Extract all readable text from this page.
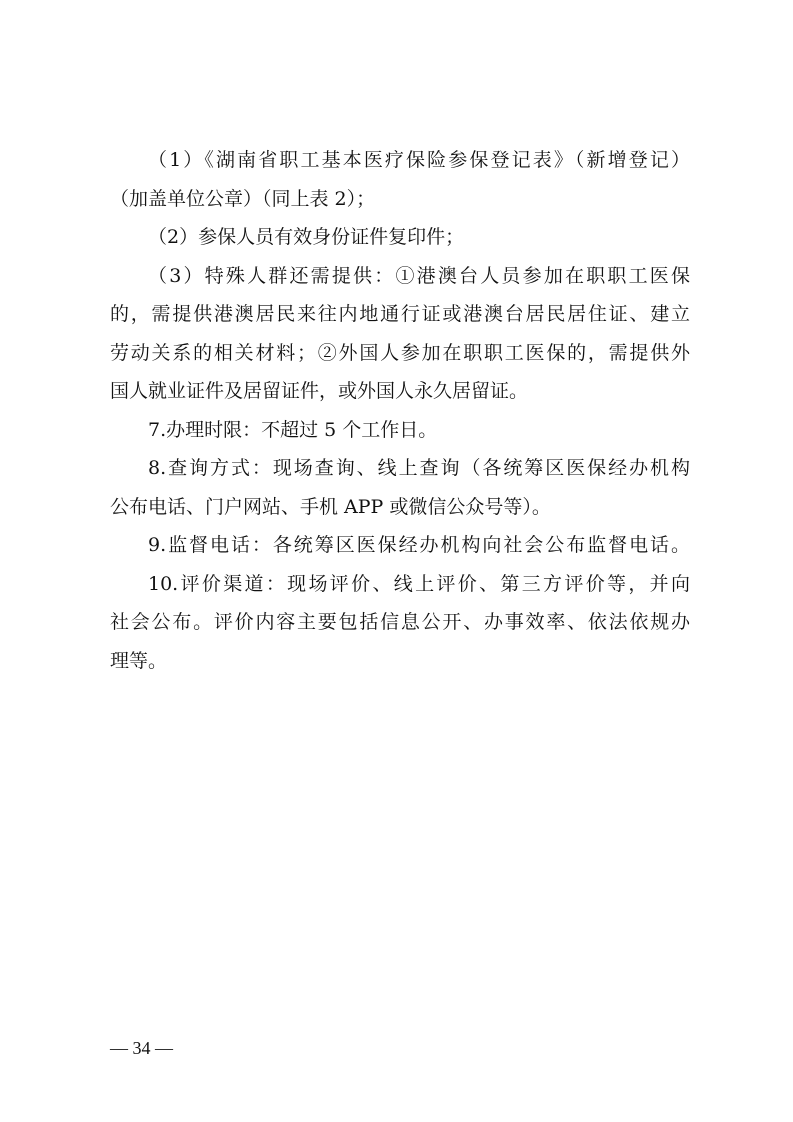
（1）《湖南省职工基本医疗保险参保登记表》（新增登记）
（加盖单位公章）（同上表 2）；
（2）参保人员有效身份证件复印件；
（3）特殊人群还需提供：①港澳台人员参加在职职工医保
的，需提供港澳居民来往内地通行证或港澳台居民居住证、建立
劳动关系的相关材料；②外国人参加在职职工医保的，需提供外
国人就业证件及居留证件，或外国人永久居留证。
7.办理时限：不超过 5 个工作日。
8.查询方式：现场查询、线上查询（各统筹区医保经办机构
公布电话、门户网站、手机 APP 或微信公众号等）。
9.监督电话：各统筹区医保经办机构向社会公布监督电话。
10.评价渠道：现场评价、线上评价、第三方评价等，并向
社会公布。评价内容主要包括信息公开、办事效率、依法依规办
理等。
— 34 —
